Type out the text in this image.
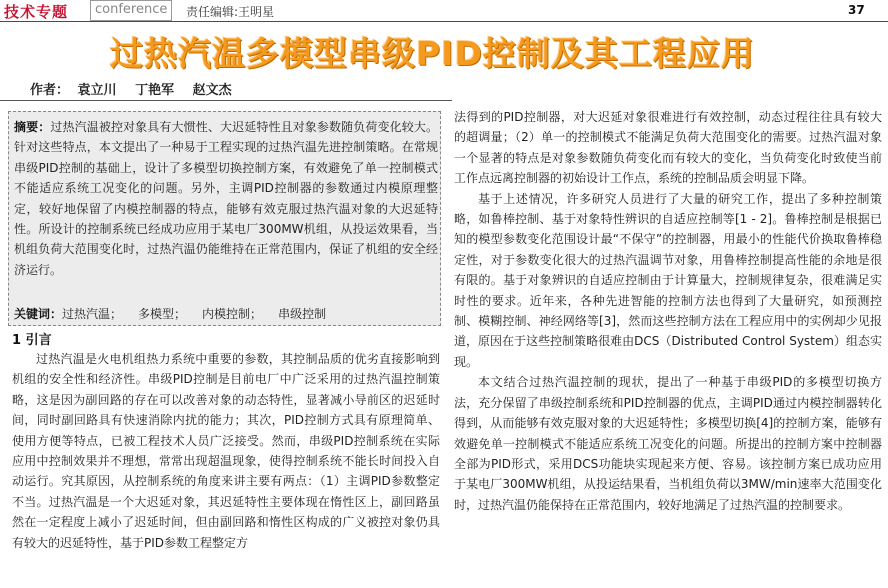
技术专题 conference 责任编辑:王明星	37
过热汽温多模型串级PID控制及其工程应用
作者： 袁立川 丁艳军 赵文杰
摘要：过热汽温被控对象具有大惯性、大迟延特性且对象参数随负荷变化较大。针对这些特点，本文提出了一种易于工程实现的过热汽温先进控制策略。在常规串级PID控制的基础上，设计了多模型切换控制方案，有效避免了单一控制模式不能适应系统工况变化的问题。另外，主调PID控制器的参数通过内模原理整定，较好地保留了内模控制器的特点，能够有效克服过热汽温对象的大迟延特性。所设计的控制系统已经成功应用于某电厂300MW机组，从投运效果看，当机组负荷大范围变化时，过热汽温仍能维持在正常范围内，保证了机组的安全经济运行。
关键词：过热汽温； 多模型； 内模控制； 串级控制
1 引言

过热汽温是火电机组热力系统中重要的参数，其控制品质的优劣直接影响到机组的安全性和经济性。串级PID控制是目前电厂中广泛采用的过热汽温控制策略，这是因为副回路的存在可以改善对象的动态特性，显著减小导前区的迟延时间，同时副回路具有快速消除内扰的能力；其次，PID控制方式具有原理简单、使用方便等特点，已被工程技术人员广泛接受。然而，串级PID控制系统在实际应用中控制效果并不理想，常常出现超温现象，使得控制系统不能长时间投入自动运行。究其原因，从控制系统的角度来讲主要有两点：（1）主调PID参数整定不当。过热汽温是一个大迟延对象，其迟延特性主要体现在惰性区上，副回路虽然在一定程度上减小了迟延时间，但由副回路和惰性区构成的广义被控对象仍具有较大的迟延特性，基于PID参数工程整定方

法得到的PID控制器，对大迟延对象很难进行有效控制，动态过程往往具有较大的超调量；（2）单一的控制模式不能满足负荷大范围变化的需要。过热汽温对象一个显著的特点是对象参数随负荷变化而有较大的变化，当负荷变化时致使当前工作点远离控制器的初始设计工作点，系统的控制品质会明显下降。

基于上述情况，许多研究人员进行了大量的研究工作，提出了多种控制策略，如鲁棒控制、基于对象特性辨识的自适应控制等[1 - 2]。鲁棒控制是根据已知的模型参数变化范围设计最“不保守”的控制器，用最小的性能代价换取鲁棒稳定性，对于参数变化很大的过热汽温调节对象，用鲁棒控制提高性能的余地是很有限的。基于对象辨识的自适应控制由于计算量大，控制规律复杂，很难满足实时性的要求。近年来，各种先进智能的控制方法也得到了大量研究，如预测控制、模糊控制、神经网络等[3]，然而这些控制方法在工程应用中的实例却少见报道，原因在于这些控制策略很难由DCS（Distributed Control System）组态实现。

本文结合过热汽温控制的现状，提出了一种基于串级PID的多模型切换方法，充分保留了串级控制系统和PID控制器的优点，主调PID通过内模控制器转化得到，从而能够有效克服对象的大迟延特性；多模型切换[4]的控制方案，能够有效避免单一控制模式不能适应系统工况变化的问题。所提出的控制方案中控制器全部为PID形式，采用DCS功能块实现起来方便、容易。该控制方案已成功应用于某电厂300MW机组，从投运结果看，当机组负荷以3MW/min速率大范围变化时，过热汽温仍能保持在正常范围内，较好地满足了过热汽温的控制要求。
